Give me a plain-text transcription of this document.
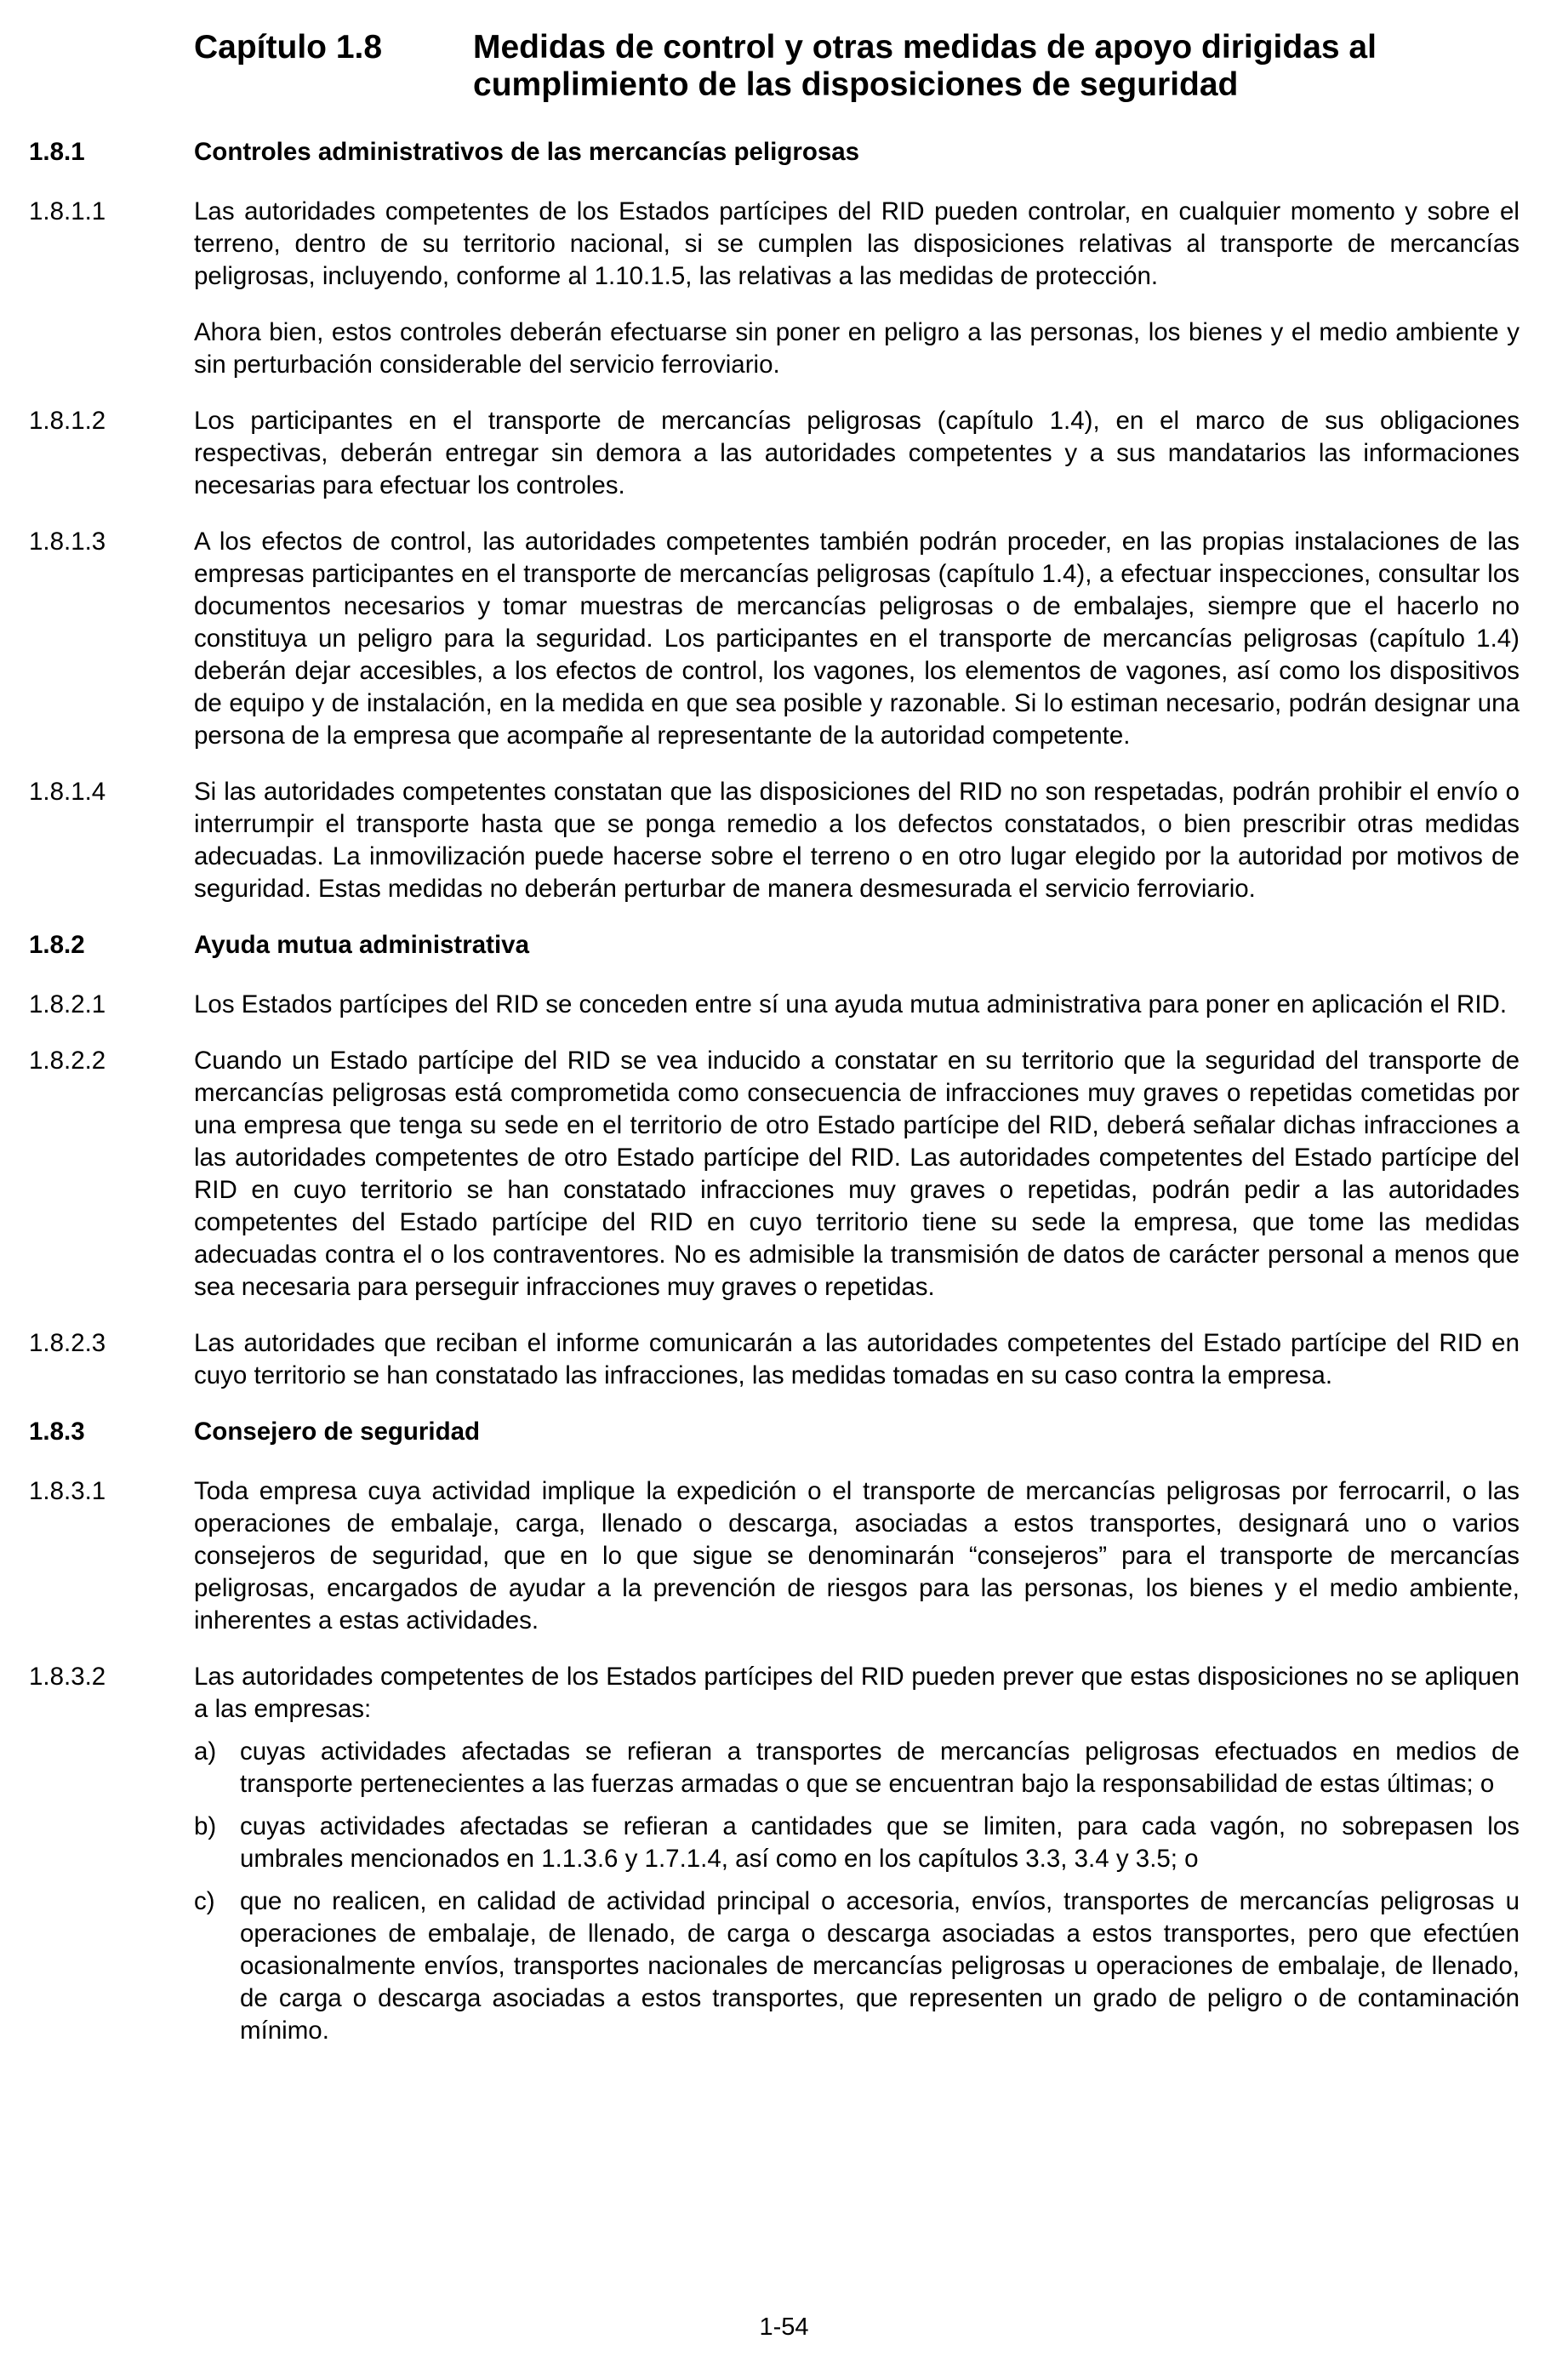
Capítulo 1.8	Medidas de control y otras medidas de apoyo dirigidas al cumplimiento de las disposiciones de seguridad
1.8.1	Controles administrativos de las mercancías peligrosas
1.8.1.1	Las autoridades competentes de los Estados partícipes del RID pueden controlar, en cualquier momento y sobre el terreno, dentro de su territorio nacional, si se cumplen las disposiciones relativas al transporte de mercancías peligrosas, incluyendo, conforme al 1.10.1.5, las relativas a las medidas de protección.
Ahora bien, estos controles deberán efectuarse sin poner en peligro a las personas, los bienes y el medio ambiente y sin perturbación considerable del servicio ferroviario.
1.8.1.2	Los participantes en el transporte de mercancías peligrosas (capítulo 1.4), en el marco de sus obligaciones respectivas, deberán entregar sin demora a las autoridades competentes y a sus mandatarios las informaciones necesarias para efectuar los controles.
1.8.1.3	A los efectos de control, las autoridades competentes también podrán proceder, en las propias instalaciones de las empresas participantes en el transporte de mercancías peligrosas (capítulo 1.4), a efectuar inspecciones, consultar los documentos necesarios y tomar muestras de mercancías peligrosas o de embalajes, siempre que el hacerlo no constituya un peligro para la seguridad. Los participantes en el transporte de mercancías peligrosas (capítulo 1.4) deberán dejar accesibles, a los efectos de control, los vagones, los elementos de vagones, así como los dispositivos de equipo y de instalación, en la medida en que sea posible y razonable. Si lo estiman necesario, podrán designar una persona de la empresa que acompañe al representante de la autoridad competente.
1.8.1.4	Si las autoridades competentes constatan que las disposiciones del RID no son respetadas, podrán prohibir el envío o interrumpir el transporte hasta que se ponga remedio a los defectos constatados, o bien prescribir otras medidas adecuadas. La inmovilización puede hacerse sobre el terreno o en otro lugar elegido por la autoridad por motivos de seguridad. Estas medidas no deberán perturbar de manera desmesurada el servicio ferroviario.
1.8.2	Ayuda mutua administrativa
1.8.2.1	Los Estados partícipes del RID se conceden entre sí una ayuda mutua administrativa para poner en aplicación el RID.
1.8.2.2	Cuando un Estado partícipe del RID se vea inducido a constatar en su territorio que la seguridad del transporte de mercancías peligrosas está comprometida como consecuencia de infracciones muy graves o repetidas cometidas por una empresa que tenga su sede en el territorio de otro Estado partícipe del RID, deberá señalar dichas infracciones a las autoridades competentes de otro Estado partícipe del RID. Las autoridades competentes del Estado partícipe del RID en cuyo territorio se han constatado infracciones muy graves o repetidas, podrán pedir a las autoridades competentes del Estado partícipe del RID en cuyo territorio tiene su sede la empresa, que tome las medidas adecuadas contra el o los contraventores. No es admisible la transmisión de datos de carácter personal a menos que sea necesaria para perseguir infracciones muy graves o repetidas.
1.8.2.3	Las autoridades que reciban el informe comunicarán a las autoridades competentes del Estado partícipe del RID en cuyo territorio se han constatado las infracciones, las medidas tomadas en su caso contra la empresa.
1.8.3	Consejero de seguridad
1.8.3.1	Toda empresa cuya actividad implique la expedición o el transporte de mercancías peligrosas por ferrocarril, o las operaciones de embalaje, carga, llenado o descarga, asociadas a estos transportes, designará uno o varios consejeros de seguridad, que en lo que sigue se denominarán “consejeros” para el transporte de mercancías peligrosas, encargados de ayudar a la prevención de riesgos para las personas, los bienes y el medio ambiente, inherentes a estas actividades.
1.8.3.2	Las autoridades competentes de los Estados partícipes del RID pueden prever que estas disposiciones no se apliquen a las empresas:
a) cuyas actividades afectadas se refieran a transportes de mercancías peligrosas efectuados en medios de transporte pertenecientes a las fuerzas armadas o que se encuentran bajo la responsabilidad de estas últimas; o
b) cuyas actividades afectadas se refieran a cantidades que se limiten, para cada vagón, no sobrepasen los umbrales mencionados en 1.1.3.6 y 1.7.1.4, así como en los capítulos 3.3, 3.4 y 3.5; o
c) que no realicen, en calidad de actividad principal o accesoria, envíos, transportes de mercancías peligrosas u operaciones de embalaje, de llenado, de carga o descarga asociadas a estos transportes, pero que efectúen ocasionalmente envíos, transportes nacionales de mercancías peligrosas u operaciones de embalaje, de llenado, de carga o descarga asociadas a estos transportes, que representen un grado de peligro o de contaminación mínimo.
1-54
